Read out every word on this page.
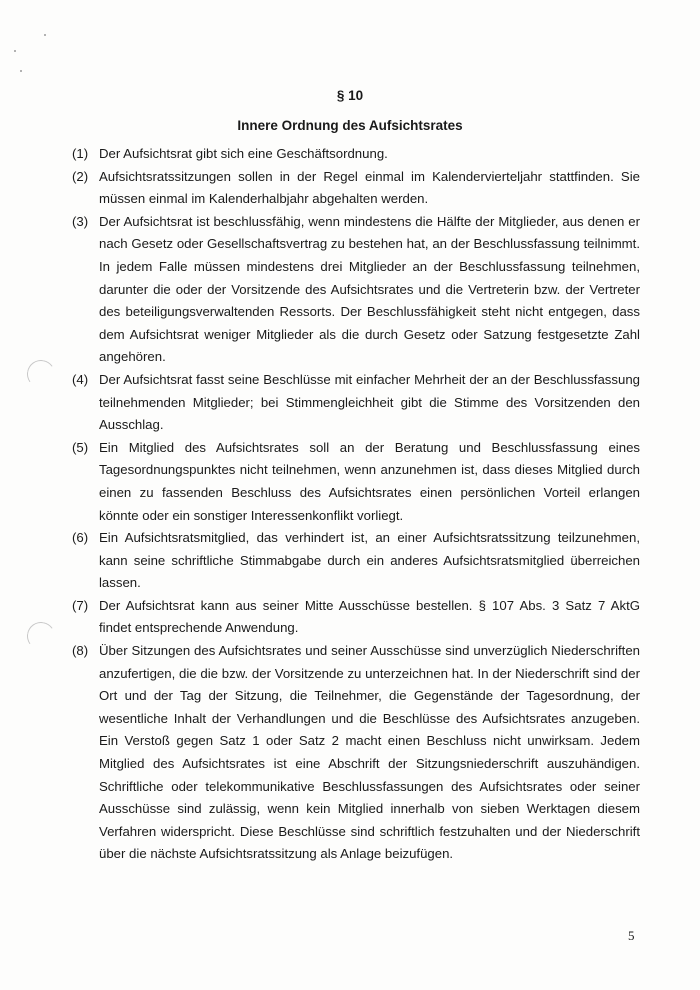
§ 10
Innere Ordnung des Aufsichtsrates
(1) Der Aufsichtsrat gibt sich eine Geschäftsordnung.
(2) Aufsichtsratssitzungen sollen in der Regel einmal im Kalendervierteljahr stattfinden. Sie müssen einmal im Kalenderhalbjahr abgehalten werden.
(3) Der Aufsichtsrat ist beschlussfähig, wenn mindestens die Hälfte der Mitglieder, aus denen er nach Gesetz oder Gesellschaftsvertrag zu bestehen hat, an der Beschlussfassung teilnimmt. In jedem Falle müssen mindestens drei Mitglieder an der Beschlussfassung teilnehmen, darunter die oder der Vorsitzende des Aufsichtsrates und die Vertreterin bzw. der Vertreter des beteiligungsverwaltenden Ressorts. Der Beschlussfähigkeit steht nicht entgegen, dass dem Aufsichtsrat weniger Mitglieder als die durch Gesetz oder Satzung festgesetzte Zahl angehören.
(4) Der Aufsichtsrat fasst seine Beschlüsse mit einfacher Mehrheit der an der Beschlussfassung teilnehmenden Mitglieder; bei Stimmengleichheit gibt die Stimme des Vorsitzenden den Ausschlag.
(5) Ein Mitglied des Aufsichtsrates soll an der Beratung und Beschlussfassung eines Tagesordnungspunktes nicht teilnehmen, wenn anzunehmen ist, dass dieses Mitglied durch einen zu fassenden Beschluss des Aufsichtsrates einen persönlichen Vorteil erlangen könnte oder ein sonstiger Interessenkonflikt vorliegt.
(6) Ein Aufsichtsratsmitglied, das verhindert ist, an einer Aufsichtsratssitzung teilzunehmen, kann seine schriftliche Stimmabgabe durch ein anderes Aufsichtsratsmitglied überreichen lassen.
(7) Der Aufsichtsrat kann aus seiner Mitte Ausschüsse bestellen. § 107 Abs. 3 Satz 7 AktG findet entsprechende Anwendung.
(8) Über Sitzungen des Aufsichtsrates und seiner Ausschüsse sind unverzüglich Niederschriften anzufertigen, die die bzw. der Vorsitzende zu unterzeichnen hat. In der Niederschrift sind der Ort und der Tag der Sitzung, die Teilnehmer, die Gegenstände der Tagesordnung, der wesentliche Inhalt der Verhandlungen und die Beschlüsse des Aufsichtsrates anzugeben. Ein Verstoß gegen Satz 1 oder Satz 2 macht einen Beschluss nicht unwirksam. Jedem Mitglied des Aufsichtsrates ist eine Abschrift der Sitzungsniederschrift auszuhändigen. Schriftliche oder telekommunikative Beschlussfassungen des Aufsichtsrates oder seiner Ausschüsse sind zulässig, wenn kein Mitglied innerhalb von sieben Werktagen diesem Verfahren widerspricht. Diese Beschlüsse sind schriftlich festzuhalten und der Niederschrift über die nächste Aufsichtsratssitzung als Anlage beizufügen.
5
